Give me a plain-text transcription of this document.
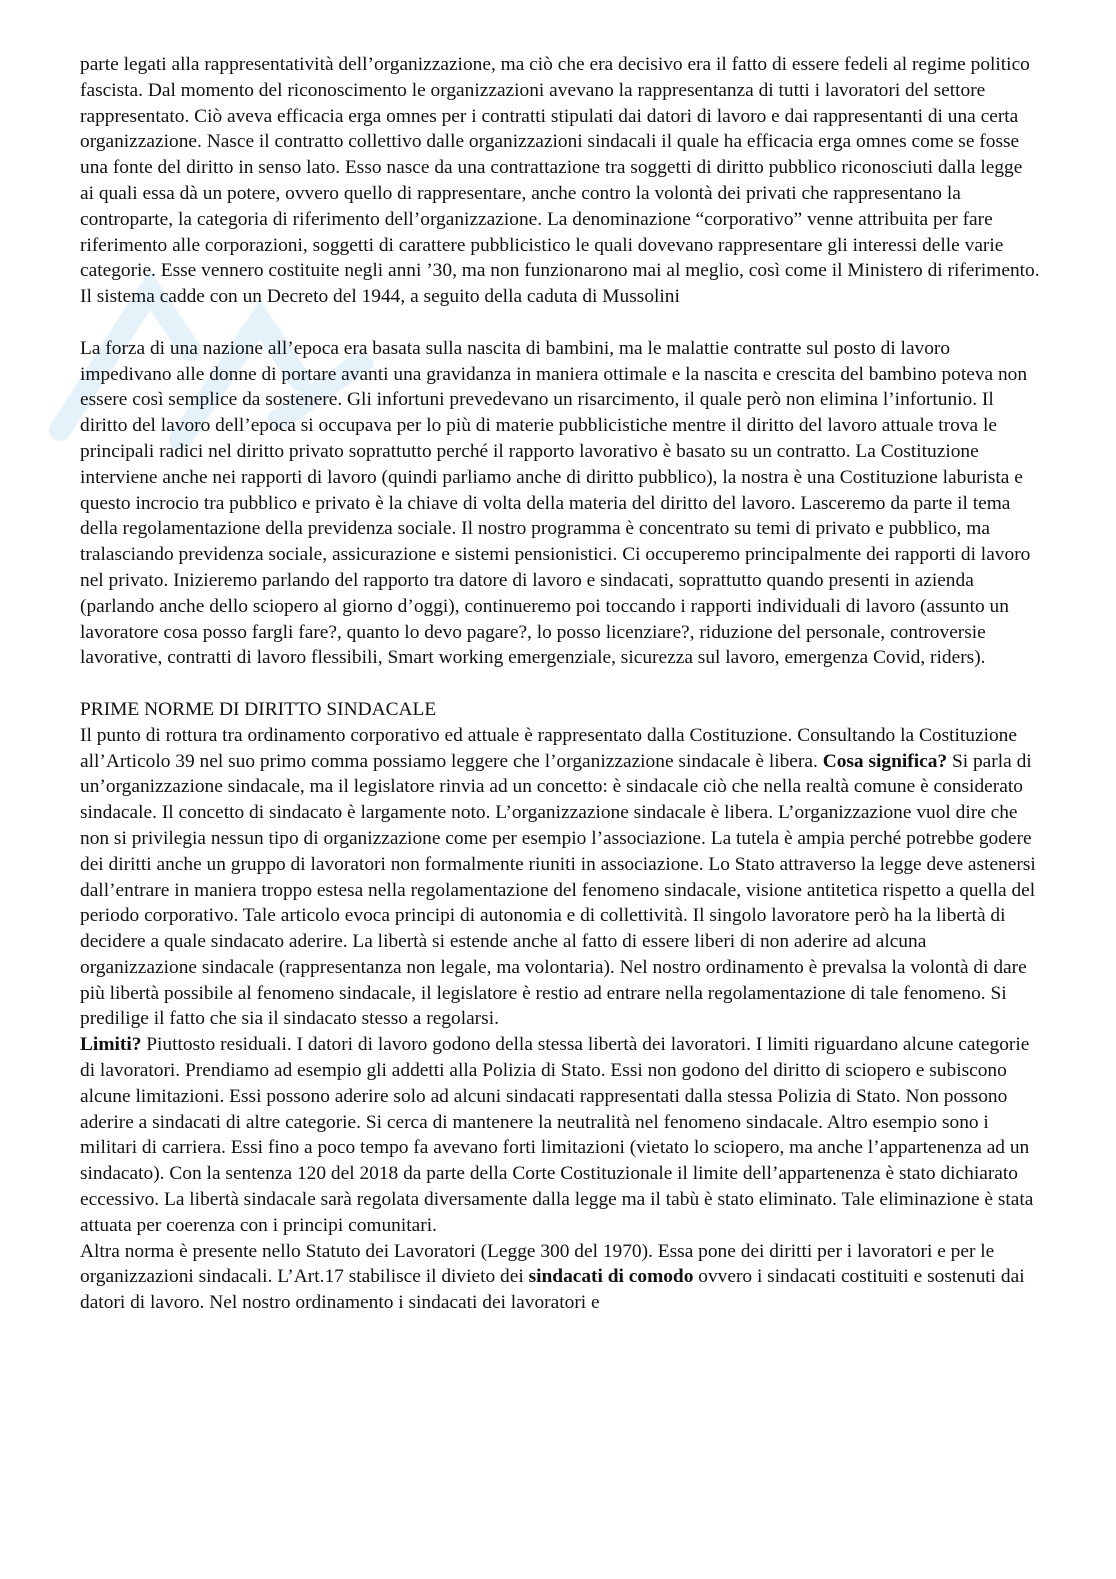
parte legati alla rappresentatività dell’organizzazione, ma ciò che era decisivo era il fatto di essere fedeli al regime politico fascista. Dal momento del riconoscimento le organizzazioni avevano la rappresentanza di tutti i lavoratori del settore rappresentato. Ciò aveva efficacia erga omnes per i contratti stipulati dai datori di lavoro e dai rappresentanti di una certa organizzazione. Nasce il contratto collettivo dalle organizzazioni sindacali il quale ha efficacia erga omnes come se fosse una fonte del diritto in senso lato. Esso nasce da una contrattazione tra soggetti di diritto pubblico riconosciuti dalla legge ai quali essa dà un potere, ovvero quello di rappresentare, anche contro la volontà dei privati che rappresentano la controparte, la categoria di riferimento dell’organizzazione. La denominazione “corporativo” venne attribuita per fare riferimento alle corporazioni, soggetti di carattere pubblicistico le quali dovevano rappresentare gli interessi delle varie categorie. Esse vennero costituite negli anni ’30, ma non funzionarono mai al meglio, così come il Ministero di riferimento. Il sistema cadde con un Decreto del 1944, a seguito della caduta di Mussolini

La forza di una nazione all’epoca era basata sulla nascita di bambini, ma le malattie contratte sul posto di lavoro impedivano alle donne di portare avanti una gravidanza in maniera ottimale e la nascita e crescita del bambino poteva non essere così semplice da sostenere. Gli infortuni prevedevano un risarcimento, il quale però non elimina l’infortunio. Il diritto del lavoro dell’epoca si occupava per lo più di materie pubblicistiche mentre il diritto del lavoro attuale trova le principali radici nel diritto privato soprattutto perché il rapporto lavorativo è basato su un contratto. La Costituzione interviene anche nei rapporti di lavoro (quindi parliamo anche di diritto pubblico), la nostra è una Costituzione laburista e questo incrocio tra pubblico e privato è la chiave di volta della materia del diritto del lavoro. Lasceremo da parte il tema della regolamentazione della previdenza sociale. Il nostro programma è concentrato su temi di privato e pubblico, ma tralasciando previdenza sociale, assicurazione e sistemi pensionistici. Ci occuperemo principalmente dei rapporti di lavoro nel privato. Inizieremo parlando del rapporto tra datore di lavoro e sindacati, soprattutto quando presenti in azienda (parlando anche dello sciopero al giorno d’oggi), continueremo poi toccando i rapporti individuali di lavoro (assunto un lavoratore cosa posso fargli fare?, quanto lo devo pagare?, lo posso licenziare?, riduzione del personale, controversie lavorative, contratti di lavoro flessibili, Smart working emergenziale, sicurezza sul lavoro, emergenza Covid, riders).

PRIME NORME DI DIRITTO SINDACALE

Il punto di rottura tra ordinamento corporativo ed attuale è rappresentato dalla Costituzione. Consultando la Costituzione all’Articolo 39 nel suo primo comma possiamo leggere che l’organizzazione sindacale è libera. Cosa significa? Si parla di un’organizzazione sindacale, ma il legislatore rinvia ad un concetto: è sindacale ciò che nella realtà comune è considerato sindacale. Il concetto di sindacato è largamente noto. L’organizzazione sindacale è libera. L’organizzazione vuol dire che non si privilegia nessun tipo di organizzazione come per esempio l’associazione. La tutela è ampia perché potrebbe godere dei diritti anche un gruppo di lavoratori non formalmente riuniti in associazione. Lo Stato attraverso la legge deve astenersi dall’entrare in maniera troppo estesa nella regolamentazione del fenomeno sindacale, visione antitetica rispetto a quella del periodo corporativo. Tale articolo evoca principi di autonomia e di collettività. Il singolo lavoratore però ha la libertà di decidere a quale sindacato aderire. La libertà si estende anche al fatto di essere liberi di non aderire ad alcuna organizzazione sindacale (rappresentanza non legale, ma volontaria). Nel nostro ordinamento è prevalsa la volontà di dare più libertà possibile al fenomeno sindacale, il legislatore è restio ad entrare nella regolamentazione di tale fenomeno. Si predilige il fatto che sia il sindacato stesso a regolarsi.

Limiti? Piuttosto residuali. I datori di lavoro godono della stessa libertà dei lavoratori. I limiti riguardano alcune categorie di lavoratori. Prendiamo ad esempio gli addetti alla Polizia di Stato. Essi non godono del diritto di sciopero e subiscono alcune limitazioni. Essi possono aderire solo ad alcuni sindacati rappresentati dalla stessa Polizia di Stato. Non possono aderire a sindacati di altre categorie. Si cerca di mantenere la neutralità nel fenomeno sindacale. Altro esempio sono i militari di carriera. Essi fino a poco tempo fa avevano forti limitazioni (vietato lo sciopero, ma anche l’appartenenza ad un sindacato). Con la sentenza 120 del 2018 da parte della Corte Costituzionale il limite dell’appartenenza è stato dichiarato eccessivo. La libertà sindacale sarà regolata diversamente dalla legge ma il tabù è stato eliminato. Tale eliminazione è stata attuata per coerenza con i principi comunitari.

Altra norma è presente nello Statuto dei Lavoratori (Legge 300 del 1970). Essa pone dei diritti per i lavoratori e per le organizzazioni sindacali. L’Art.17 stabilisce il divieto dei sindacati di comodo ovvero i sindacati costituiti e sostenuti dai datori di lavoro. Nel nostro ordinamento i sindacati dei lavoratori e
